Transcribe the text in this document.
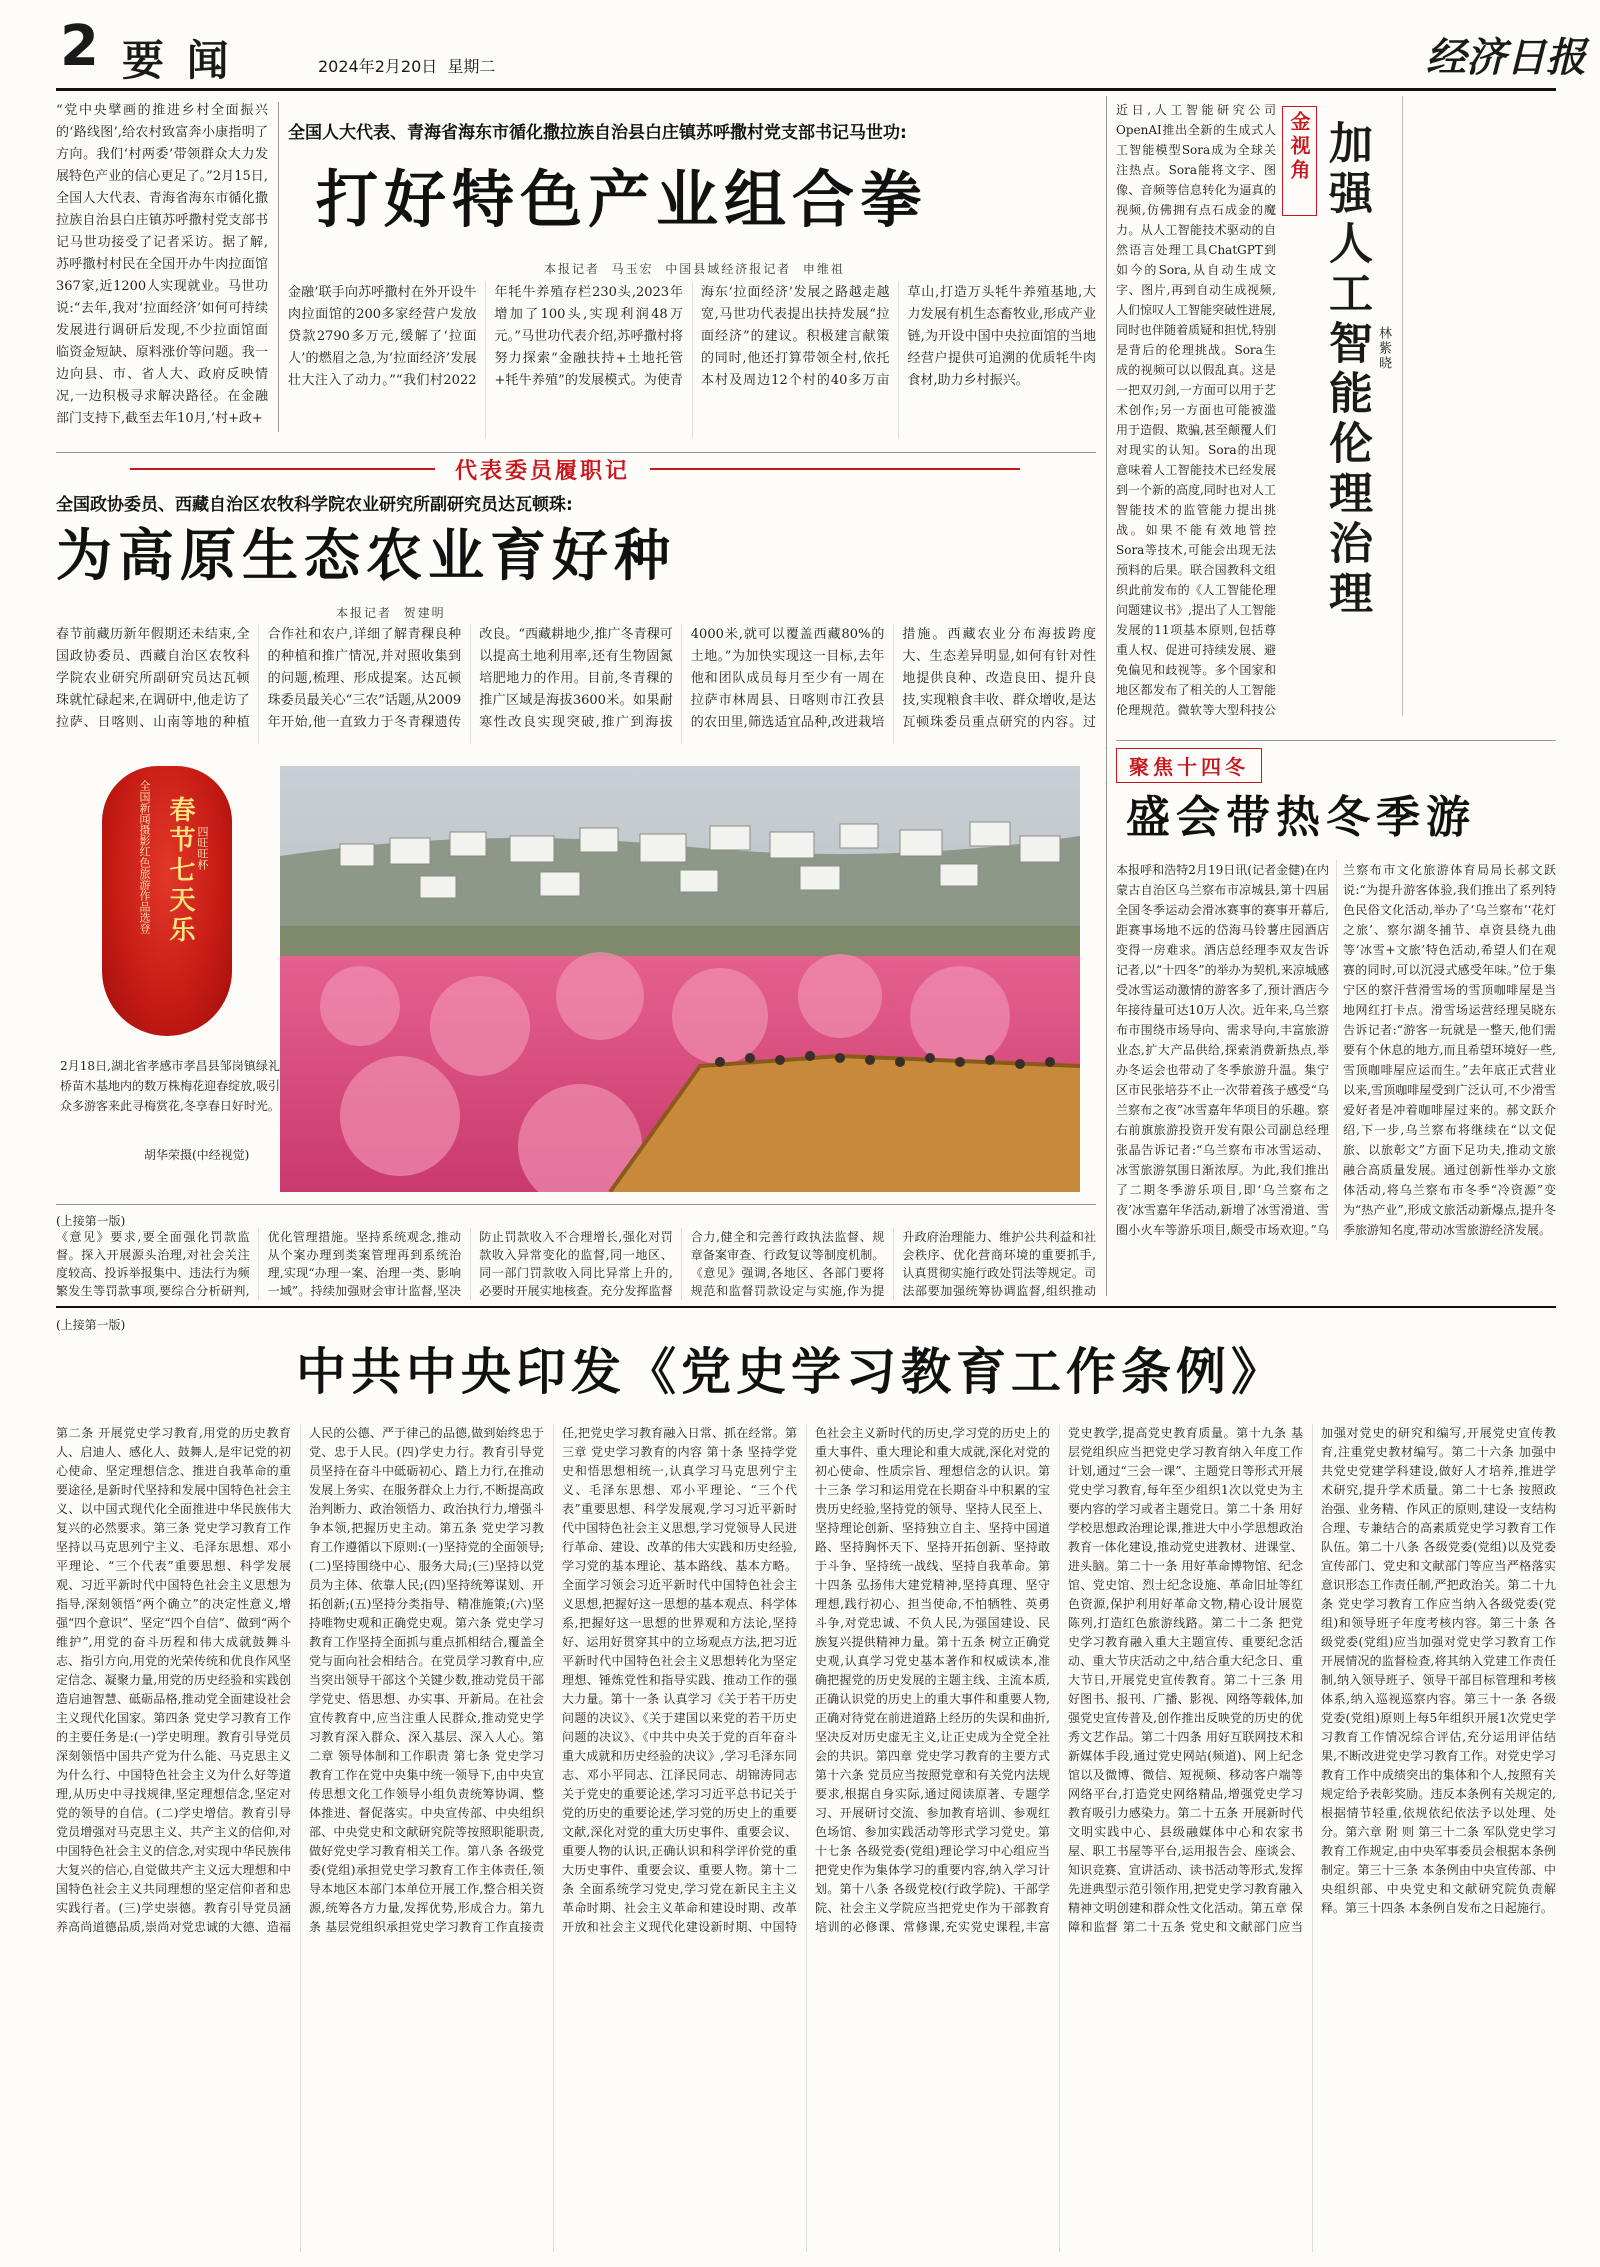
2 要 闻	2024年2月20日  星期二	经济日报
“党中央擘画的推进乡村全面振兴的‘路线图’,给农村致富奔小康指明了方向。我们‘村两委’带领群众大力发展特色产业的信心更足了。”2月15日,全国人大代表、青海省海东市循化撒拉族自治县白庄镇苏呼撒村党支部书记马世功接受了记者采访。据了解,苏呼撒村村民在全国开办牛肉拉面馆367家,近1200人实现就业。马世功说:“去年,我对‘拉面经济’如何可持续发展进行调研后发现,不少拉面馆面临资金短缺、原料涨价等问题。我一边向县、市、省人大、政府反映情况,一边积极寻求解决路径。在金融部门支持下,截至去年10月,‘村+政+
全国人大代表、青海省海东市循化撒拉族自治县白庄镇苏呼撒村党支部书记马世功:
打好特色产业组合拳
本报记者  马玉宏  中国县域经济报记者  申维祖
金融’联手向苏呼撒村在外开设牛肉拉面馆的200多家经营户发放贷款2790多万元,缓解了‘拉面人’的燃眉之急,为‘拉面经济’发展壮大注入了动力。”“我们村2022年牦牛养殖存栏230头,2023年增加了100头,实现利润48万元。”马世功代表介绍,苏呼撒村将努力探索“金融扶持+土地托管+牦牛养殖”的发展模式。为使青海东‘拉面经济’发展之路越走越宽,马世功代表提出扶持发展“拉面经济”的建议。积极建言献策的同时,他还打算带领全村,依托本村及周边12个村的40多万亩草山,打造万头牦牛养殖基地,大力发展有机生态畜牧业,形成产业链,为开设中国中央拉面馆的当地经营户提供可追溯的优质牦牛肉食材,助力乡村振兴。
代表委员履职记
全国政协委员、西藏自治区农牧科学院农业研究所副研究员达瓦顿珠:
为高原生态农业育好种
本报记者  贺建明
春节前藏历新年假期还未结束,全国政协委员、西藏自治区农牧科学院农业研究所副研究员达瓦顿珠就忙碌起来,在调研中,他走访了拉萨、日喀则、山南等地的种植合作社和农户,详细了解青稞良种的种植和推广情况,并对照收集到的问题,梳理、形成提案。达瓦顿珠委员最关心“三农”话题,从2009年开始,他一直致力于冬青稞遗传改良。“西藏耕地少,推广冬青稞可以提高土地利用率,还有生物固氮培肥地力的作用。目前,冬青稞的推广区域是海拔3600米。如果耐寒性改良实现突破,推广到海拔4000米,就可以覆盖西藏80%的土地。”为加快实现这一目标,去年他和团队成员每月至少有一周在拉萨市林周县、日喀则市江孜县的农田里,筛选适宜品种,改进栽培措施。西藏农业分布海拔跨度大、生态差异明显,如何有针对性地提供良种、改造良田、提升良技,实现粮食丰收、群众增收,是达瓦顿珠委员重点研究的内容。过
近日,人工智能研究公司OpenAI推出全新的生成式人工智能模型Sora成为全球关注热点。Sora能将文字、图像、音频等信息转化为逼真的视频,仿佛拥有点石成金的魔力。从人工智能技术驱动的自然语言处理工具ChatGPT到如今的Sora,从自动生成文字、图片,再到自动生成视频,人们惊叹人工智能突破性进展,同时也伴随着质疑和担忧,特别是背后的伦理挑战。Sora生成的视频可以以假乱真。这是一把双刃剑,一方面可以用于艺术创作;另一方面也可能被滥用于造假、欺骗,甚至颠覆人们对现实的认知。Sora的出现意味着人工智能技术已经发展到一个新的高度,同时也对人工智能技术的监管能力提出挑战。如果不能有效地管控Sora等技术,可能会出现无法预料的后果。联合国教科文组织此前发布的《人工智能伦理问题建议书》,提出了人工智能发展的11项基本原则,包括尊重人权、促进可持续发展、避免偏见和歧视等。多个国家和地区都发布了相关的人工智能伦理规范。微软等大型科技公
金视角 加强人工智能伦理治理 林紫晓
全国新闻摄影红色旅游作品选登 春节七天乐 四旺旺杯
2月18日,湖北省孝感市孝昌县邹岗镇绿礼桥苗木基地内的数万株梅花迎春绽放,吸引众多游客来此寻梅赏花,冬享春日好时光。
胡华荣摄(中经视觉)
聚焦十四冬
盛会带热冬季游
本报呼和浩特2月19日讯(记者金健)在内蒙古自治区乌兰察布市凉城县,第十四届全国冬季运动会滑冰赛事的赛事开幕后,距赛事场地不远的岱海马铃薯庄园酒店变得一房难求。酒店总经理李双友告诉记者,以“十四冬”的举办为契机,来凉城感受冰雪运动激情的游客多了,预计酒店今年接待量可达10万人次。近年来,乌兰察布市围绕市场导向、需求导向,丰富旅游业态,扩大产品供给,探索消费新热点,举办冬运会也带动了冬季旅游升温。集宁区市民张培芬不止一次带着孩子感受“乌兰察布之夜”冰雪嘉年华项目的乐趣。察右前旗旅游投资开发有限公司副总经理张晶告诉记者:“乌兰察布市冰雪运动、冰雪旅游氛围日渐浓厚。为此,我们推出了二期冬季游乐项目,即‘乌兰察布之夜’冰雪嘉年华活动,新增了冰雪滑道、雪圈小火车等游乐项目,颇受市场欢迎。”乌兰察布市文化旅游体育局局长郝文跃说:“为提升游客体验,我们推出了系列特色民俗文化活动,举办了‘乌兰察布’‘花灯之旅’、察尔湖冬捕节、卓资县绕九曲等‘冰雪+文旅’特色活动,希望人们在观赛的同时,可以沉浸式感受年味。”位于集宁区的察汗营滑雪场的雪顶咖啡屋是当地网红打卡点。滑雪场运营经理吴晓东告诉记者:“游客一玩就是一整天,他们需要有个休息的地方,而且希望环境好一些,雪顶咖啡屋应运而生。”去年底正式营业以来,雪顶咖啡屋受到广泛认可,不少滑雪爱好者是冲着咖啡屋过来的。郝文跃介绍,下一步,乌兰察布将继续在“以文促旅、以旅彰文”方面下足功夫,推动文旅融合高质量发展。通过创新性举办文旅体活动,将乌兰察布市冬季“冷资源”变为“热产业”,形成文旅活动新爆点,提升冬季旅游知名度,带动冰雪旅游经济发展。
(上接第一版)
《意见》要求,要全面强化罚款监督。探入开展源头治理,对社会关注度较高、投诉举报集中、违法行为频繁发生等罚款事项,要综合分析研判,优化管理措施。坚持系统观念,推动从个案办理到类案管理再到系统治理,实现“办理一案、治理一类、影响一域”。持续加强财会审计监督,坚决防止罚款收入不合理增长,强化对罚款收入异常变化的监督,同一地区、同一部门罚款收入同比异常上升的,必要时开展实地核查。充分发挥监督合力,健全和完善行政执法监督、规章备案审查、行政复议等制度机制。《意见》强调,各地区、各部门要将规范和监督罚款设定与实施,作为提升政府治理能力、维护公共利益和社会秩序、优化营商环境的重要抓手,认真贯彻实施行政处罚法等规定。司法部要加强统筹协调监督,组织推动
(上接第一版)
中共中央印发《党史学习教育工作条例》
第二条 开展党史学习教育,用党的历史教育人、启迪人、感化人、鼓舞人,是牢记党的初心使命、坚定理想信念、推进自我革命的重要途径,是新时代坚持和发展中国特色社会主义、以中国式现代化全面推进中华民族伟大复兴的必然要求。第三条 党史学习教育工作坚持以马克思列宁主义、毛泽东思想、邓小平理论、“三个代表”重要思想、科学发展观、习近平新时代中国特色社会主义思想为指导,深刻领悟“两个确立”的决定性意义,增强“四个意识”、坚定“四个自信”、做到“两个维护”,用党的奋斗历程和伟大成就鼓舞斗志、指引方向,用党的光荣传统和优良作风坚定信念、凝聚力量,用党的历史经验和实践创造启迪智慧、砥砺品格,推动党全面建设社会主义现代化国家。第四条 党史学习教育工作的主要任务是:(一)学史明理。教育引导党员深刻领悟中国共产党为什么能、马克思主义为什么行、中国特色社会主义为什么好等道理,从历史中寻找规律,坚定理想信念,坚定对党的领导的自信。(二)学史增信。教育引导党员增强对马克思主义、共产主义的信仰,对中国特色社会主义的信念,对实现中华民族伟大复兴的信心,自觉做共产主义远大理想和中国特色社会主义共同理想的坚定信仰者和忠实践行者。(三)学史崇德。教育引导党员涵养高尚道德品质,崇尚对党忠诚的大德、造福人民的公德、严于律己的品德,做到始终忠于党、忠于人民。(四)学史力行。教育引导党员坚持在奋斗中砥砺初心、踏上力行,在推动发展上务实、在服务群众上力行,不断提高政治判断力、政治领悟力、政治执行力,增强斗争本领,把握历史主动。第五条 党史学习教育工作遵循以下原则:(一)坚持党的全面领导;(二)坚持围绕中心、服务大局;(三)坚持以党员为主体、依靠人民;(四)坚持统筹谋划、开拓创新;(五)坚持分类指导、精准施策;(六)坚持唯物史观和正确党史观。第六条 党史学习教育工作坚持全面抓与重点抓相结合,覆盖全党与面向社会相结合。在党员学习教育中,应当突出领导干部这个关键少数,推动党员干部学党史、悟思想、办实事、开新局。在社会宣传教育中,应当注重人民群众,推动党史学习教育深入群众、深入基层、深入人心。第二章 领导体制和工作职责 第七条 党史学习教育工作在党中央集中统一领导下,由中央宣传思想文化工作领导小组负责统筹协调、整体推进、督促落实。中央宣传部、中央组织部、中央党史和文献研究院等按照职能职责,做好党史学习教育相关工作。第八条 各级党委(党组)承担党史学习教育工作主体责任,领导本地区本部门本单位开展工作,整合相关资源,统筹各方力量,发挥优势,形成合力。第九条 基层党组织承担党史学习教育工作直接责任,把党史学习教育融入日常、抓在经常。第三章 党史学习教育的内容 第十条 坚持学党史和悟思想相统一,认真学习马克思列宁主义、毛泽东思想、邓小平理论、“三个代表”重要思想、科学发展观,学习习近平新时代中国特色社会主义思想,学习党领导人民进行革命、建设、改革的伟大实践和历史经验,学习党的基本理论、基本路线、基本方略。全面学习领会习近平新时代中国特色社会主义思想,把握好这一思想的基本观点、科学体系,把握好这一思想的世界观和方法论,坚持好、运用好贯穿其中的立场观点方法,把习近平新时代中国特色社会主义思想转化为坚定理想、锤炼党性和指导实践、推动工作的强大力量。第十一条 认真学习《关于若干历史问题的决议》、《关于建国以来党的若干历史问题的决议》、《中共中央关于党的百年奋斗重大成就和历史经验的决议》,学习毛泽东同志、邓小平同志、江泽民同志、胡锦涛同志关于党史的重要论述,学习习近平总书记关于党的历史的重要论述,学习党的历史上的重要文献,深化对党的重大历史事件、重要会议、重要人物的认识,正确认识和科学评价党的重大历史事件、重要会议、重要人物。第十二条 全面系统学习党史,学习党在新民主主义革命时期、社会主义革命和建设时期、改革开放和社会主义现代化建设新时期、中国特色社会主义新时代的历史,学习党的历史上的重大事件、重大理论和重大成就,深化对党的初心使命、性质宗旨、理想信念的认识。第十三条 学习和运用党在长期奋斗中积累的宝贵历史经验,坚持党的领导、坚持人民至上、坚持理论创新、坚持独立自主、坚持中国道路、坚持胸怀天下、坚持开拓创新、坚持敢于斗争、坚持统一战线、坚持自我革命。第十四条 弘扬伟大建党精神,坚持真理、坚守理想,践行初心、担当使命,不怕牺牲、英勇斗争,对党忠诚、不负人民,为强国建设、民族复兴提供精神力量。第十五条 树立正确党史观,认真学习党史基本著作和权威读本,准确把握党的历史发展的主题主线、主流本质,正确认识党的历史上的重大事件和重要人物,正确对待党在前进道路上经历的失误和曲折,坚决反对历史虚无主义,让正史成为全党全社会的共识。第四章 党史学习教育的主要方式 第十六条 党员应当按照党章和有关党内法规要求,根据自身实际,通过阅读原著、专题学习、开展研讨交流、参加教育培训、参观红色场馆、参加实践活动等形式学习党史。第十七条 各级党委(党组)理论学习中心组应当把党史作为集体学习的重要内容,纳入学习计划。第十八条 各级党校(行政学院)、干部学院、社会主义学院应当把党史作为干部教育培训的必修课、常修课,充实党史课程,丰富党史教学,提高党史教育质量。第十九条 基层党组织应当把党史学习教育纳入年度工作计划,通过“三会一课”、主题党日等形式开展党史学习教育,每年至少组织1次以党史为主要内容的学习或者主题党日。第二十条 用好学校思想政治理论课,推进大中小学思想政治教育一体化建设,推动党史进教材、进课堂、进头脑。第二十一条 用好革命博物馆、纪念馆、党史馆、烈士纪念设施、革命旧址等红色资源,保护利用好革命文物,精心设计展览陈列,打造红色旅游线路。第二十二条 把党史学习教育融入重大主题宣传、重要纪念活动、重大节庆活动之中,结合重大纪念日、重大节日,开展党史宣传教育。第二十三条 用好图书、报刊、广播、影视、网络等载体,加强党史宣传普及,创作推出反映党的历史的优秀文艺作品。第二十四条 用好互联网技术和新媒体手段,通过党史网站(频道)、网上纪念馆以及微博、微信、短视频、移动客户端等网络平台,打造党史网络精品,增强党史学习教育吸引力感染力。第二十五条 开展新时代文明实践中心、县级融媒体中心和农家书屋、职工书屋等平台,运用报告会、座谈会、知识竞赛、宣讲活动、读书活动等形式,发挥先进典型示范引领作用,把党史学习教育融入精神文明创建和群众性文化活动。第五章 保障和监督 第二十五条 党史和文献部门应当加强对党史的研究和编写,开展党史宣传教育,注重党史教材编写。第二十六条 加强中共党史党建学科建设,做好人才培养,推进学术研究,提升学术质量。第二十七条 按照政治强、业务精、作风正的原则,建设一支结构合理、专兼结合的高素质党史学习教育工作队伍。第二十八条 各级党委(党组)以及党委宣传部门、党史和文献部门等应当严格落实意识形态工作责任制,严把政治关。第二十九条 党史学习教育工作应当纳入各级党委(党组)和领导班子年度考核内容。第三十条 各级党委(党组)应当加强对党史学习教育工作开展情况的监督检查,将其纳入党建工作责任制,纳入领导班子、领导干部目标管理和考核体系,纳入巡视巡察内容。第三十一条 各级党委(党组)原则上每5年组织开展1次党史学习教育工作情况综合评估,充分运用评估结果,不断改进党史学习教育工作。对党史学习教育工作中成绩突出的集体和个人,按照有关规定给予表彰奖励。违反本条例有关规定的,根据情节轻重,依规依纪依法予以处理、处分。第六章 附 则 第三十二条 军队党史学习教育工作规定,由中央军事委员会根据本条例制定。第三十三条 本条例由中央宣传部、中央组织部、中央党史和文献研究院负责解释。第三十四条 本条例自发布之日起施行。
